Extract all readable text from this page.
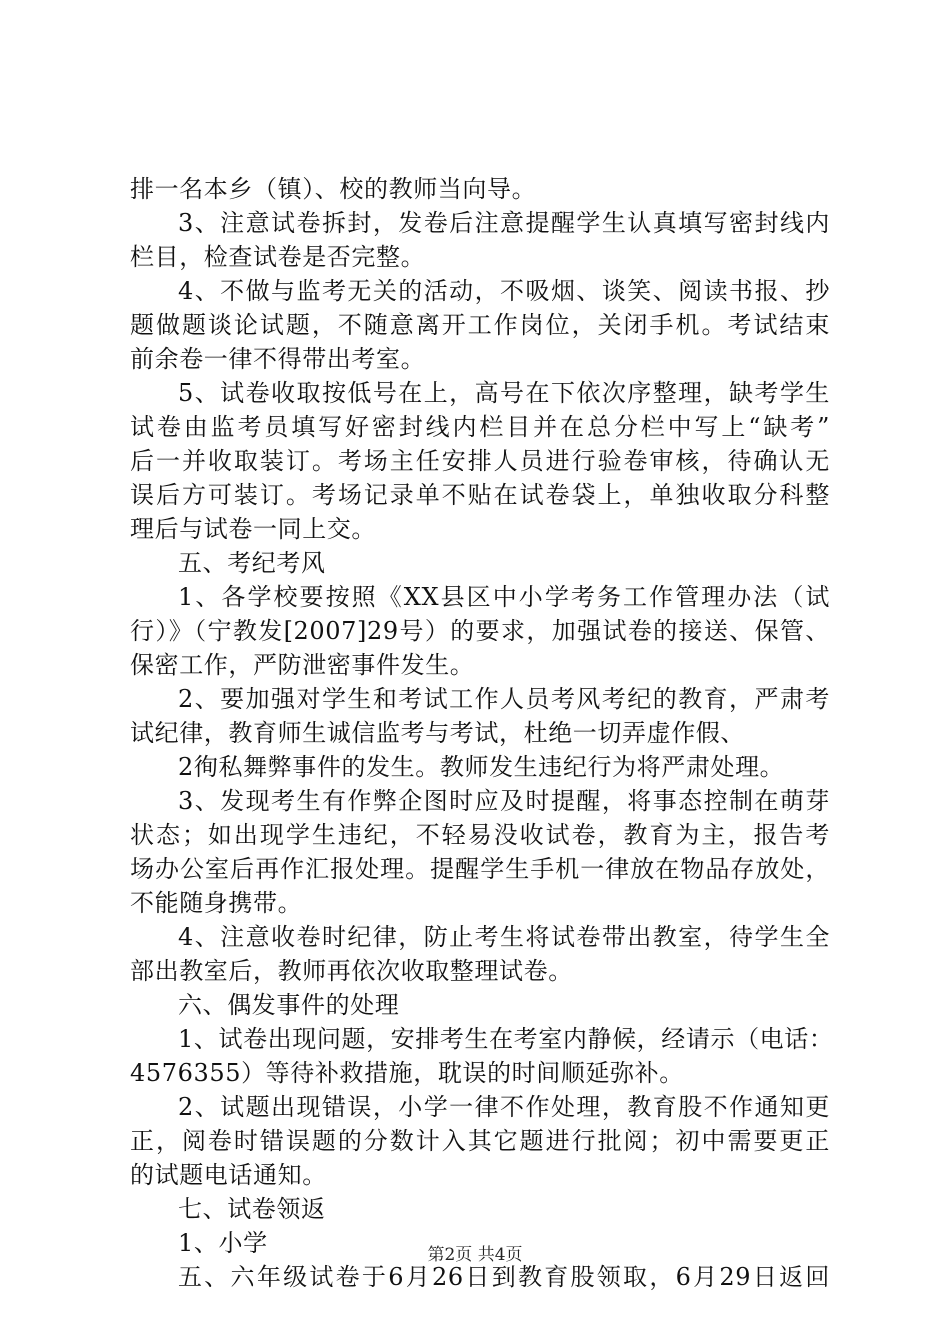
排一名本乡（镇）、校的教师当向导。
3、注意试卷拆封，发卷后注意提醒学生认真填写密封线内
栏目，检查试卷是否完整。
4、不做与监考无关的活动，不吸烟、谈笑、阅读书报、抄
题做题谈论试题，不随意离开工作岗位，关闭手机。考试结束
前余卷一律不得带出考室。
5、试卷收取按低号在上，高号在下依次序整理，缺考学生
试卷由监考员填写好密封线内栏目并在总分栏中写上“缺考”
后一并收取装订。考场主任安排人员进行验卷审核，待确认无
误后方可装订。考场记录单不贴在试卷袋上，单独收取分科整
理后与试卷一同上交。
五、考纪考风
1、各学校要按照《XX县区中小学考务工作管理办法（试
行）》（宁教发[2007]29号）的要求，加强试卷的接送、保管、
保密工作，严防泄密事件发生。
2、要加强对学生和考试工作人员考风考纪的教育，严肃考
试纪律，教育师生诚信监考与考试，杜绝一切弄虚作假、
2徇私舞弊事件的发生。教师发生违纪行为将严肃处理。
3、发现考生有作弊企图时应及时提醒，将事态控制在萌芽
状态；如出现学生违纪，不轻易没收试卷，教育为主，报告考
场办公室后再作汇报处理。提醒学生手机一律放在物品存放处，
不能随身携带。
4、注意收卷时纪律，防止考生将试卷带出教室，待学生全
部出教室后，教师再依次收取整理试卷。
六、偶发事件的处理
1、试卷出现问题，安排考生在考室内静候，经请示（电话：
4576355）等待补救措施，耽误的时间顺延弥补。
2、试题出现错误，小学一律不作处理，教育股不作通知更
正，阅卷时错误题的分数计入其它题进行批阅；初中需要更正
的试题电话通知。
七、试卷领返
1、小学
五、六年级试卷于6月26日到教育股领取，6月29日返回
第2页 共4页
